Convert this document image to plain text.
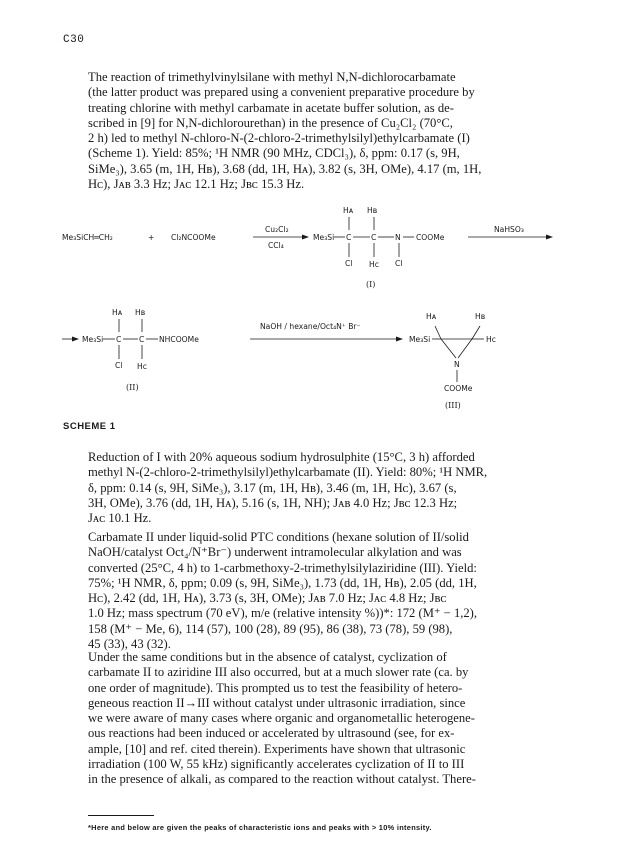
C30

The reaction of trimethylvinylsilane with methyl N,N-dichlorocarbamate
(the latter product was prepared using a convenient preparative procedure by
treating chlorine with methyl carbamate in acetate buffer solution, as de-
scribed in [9] for N,N-dichlorourethan) in the presence of Cu₂Cl₂ (70°C,
2 h) led to methyl N-chloro-N-(2-chloro-2-trimethylsilyl)ethylcarbamate (I)
(Scheme 1). Yield: 85%; ¹H NMR (90 MHz, CDCl₃), δ, ppm: 0.17 (s, 9H,
SiMe₃), 3.65 (m, 1H, Hʙ), 3.68 (dd, 1H, Hᴀ), 3.82 (s, 3H, OMe), 4.17 (m, 1H,
Hᴄ), Jᴀʙ 3.3 Hz; Jᴀᴄ 12.1 Hz; Jʙᴄ 15.3 Hz.

Me₃SiCH═CH₂	+ Cl₂NCOOMe
Cu₂Cl₂
CCl₄
Me₃Si C	C N COOMe
Hᴀ Hʙ
Cl Hᴄ Cl
(I)
NaHSO₃
Me₃Si C C NHCOOMe
Hᴀ Hʙ
Cl Hᴄ
(II)
NaOH / hexane/Oct₄N⁺ Br⁻
Me₃Si
Hᴀ	Hʙ
Hᴄ
N
COOMe
(III)
SCHEME 1

Reduction of I with 20% aqueous sodium hydrosulphite (15°C, 3 h) afforded
methyl N-(2-chloro-2-trimethylsilyl)ethylcarbamate (II). Yield: 80%; ¹H NMR,
δ, ppm: 0.14 (s, 9H, SiMe₃), 3.17 (m, 1H, Hʙ), 3.46 (m, 1H, Hᴄ), 3.67 (s,
3H, OMe), 3.76 (dd, 1H, Hᴀ), 5.16 (s, 1H, NH); Jᴀʙ 4.0 Hz; Jʙᴄ 12.3 Hz;
Jᴀᴄ 10.1 Hz.

Carbamate II under liquid-solid PTC conditions (hexane solution of II/solid
NaOH/catalyst Oct₄/N⁺Br⁻) underwent intramolecular alkylation and was
converted (25°C, 4 h) to 1-carbmethoxy-2-trimethylsilylaziridine (III). Yield:
75%; ¹H NMR, δ, ppm; 0.09 (s, 9H, SiMe₃), 1.73 (dd, 1H, Hʙ), 2.05 (dd, 1H,
Hᴄ), 2.42 (dd, 1H, Hᴀ), 3.73 (s, 3H, OMe); Jᴀʙ 7.0 Hz; Jᴀᴄ 4.8 Hz; Jʙᴄ
1.0 Hz; mass spectrum (70 eV), m/e (relative intensity %))*: 172 (M⁺ − 1,2),
158 (M⁺ − Me, 6), 114 (57), 100 (28), 89 (95), 86 (38), 73 (78), 59 (98),
45 (33), 43 (32).

Under the same conditions but in the absence of catalyst, cyclization of
carbamate II to aziridine III also occurred, but at a much slower rate (ca. by
one order of magnitude). This prompted us to test the feasibility of hetero-
geneous reaction II→III without catalyst under ultrasonic irradiation, since
we were aware of many cases where organic and organometallic heterogene-
ous reactions had been induced or accelerated by ultrasound (see, for ex-
ample, [10] and ref. cited therein). Experiments have shown that ultrasonic
irradiation (100 W, 55 kHz) significantly accelerates cyclization of II to III
in the presence of alkali, as compared to the reaction without catalyst. There-

*Here and below are given the peaks of characteristic ions and peaks with > 10% intensity.
